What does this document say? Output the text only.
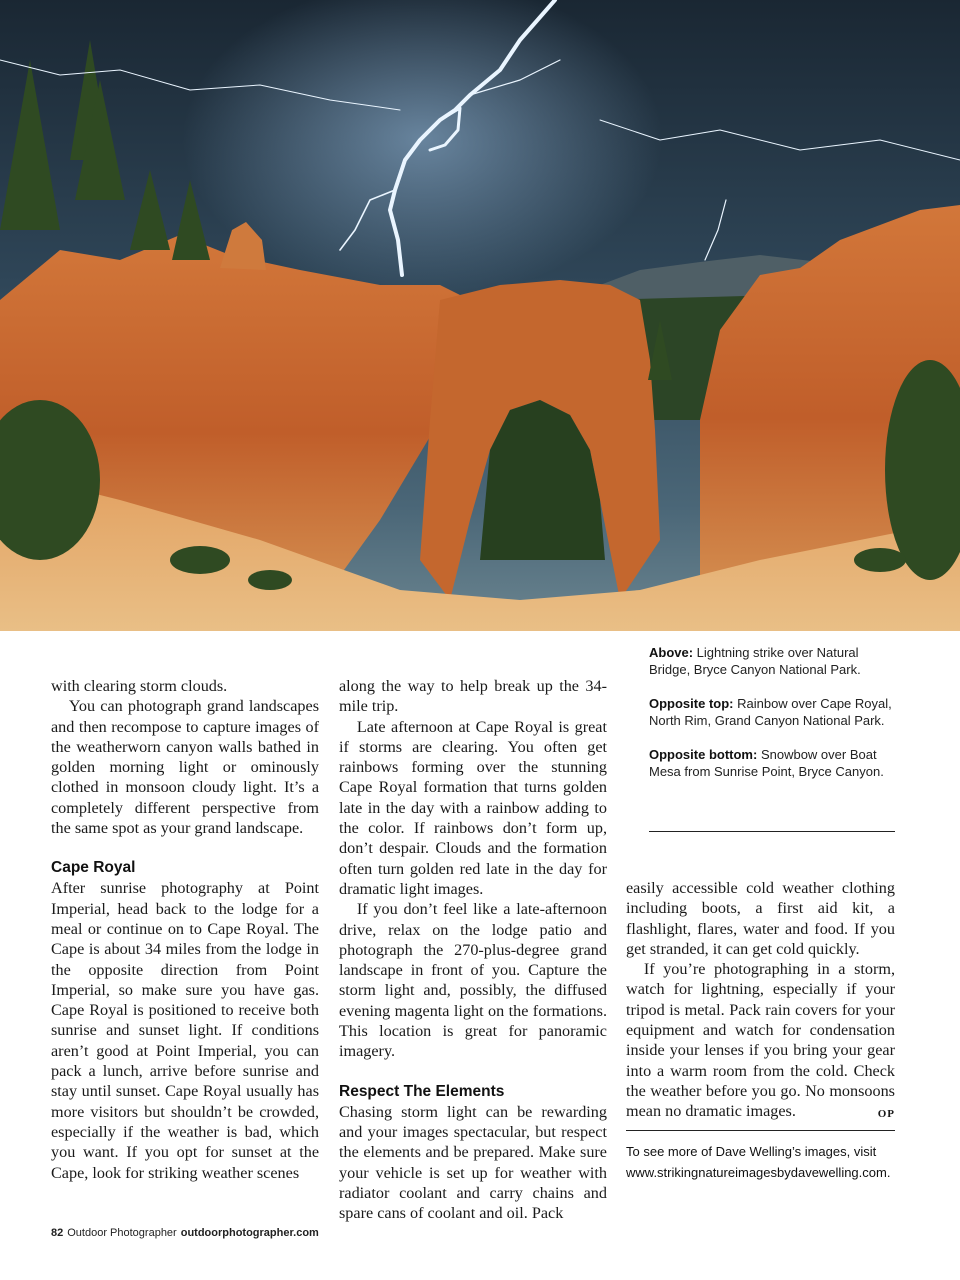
Above: Lightning strike over Natural Bridge, Bryce Canyon National Park.

Opposite top: Rainbow over Cape Royal, North Rim, Grand Canyon National Park.

Opposite bottom: Snowbow over Boat Mesa from Sunrise Point, Bryce Canyon.

with clearing storm clouds.

You can photograph grand landscapes and then recompose to capture images of the weatherworn canyon walls bathed in golden morning light or ominously clothed in monsoon cloudy light. It’s a completely different perspective from the same spot as your grand landscape.

Cape Royal

After sunrise photography at Point Imperial, head back to the lodge for a meal or continue on to Cape Royal. The Cape is about 34 miles from the lodge in the opposite direction from Point Imperial, so make sure you have gas. Cape Royal is positioned to receive both sunrise and sunset light. If conditions aren’t good at Point Imperial, you can pack a lunch, arrive before sunrise and stay until sunset. Cape Royal usually has more visitors but shouldn’t be crowded, especially if the weather is bad, which you want. If you opt for sunset at the Cape, look for striking weather scenes

along the way to help break up the 34-mile trip.

Late afternoon at Cape Royal is great if storms are clearing. You often get rainbows forming over the stunning Cape Royal formation that turns golden late in the day with a rainbow adding to the color. If rainbows don’t form up, don’t despair. Clouds and the formation often turn golden red late in the day for dramatic light images.

If you don’t feel like a late-afternoon drive, relax on the lodge patio and photograph the 270-plus-degree grand landscape in front of you. Capture the storm light and, possibly, the diffused evening magenta light on the formations. This location is great for panoramic imagery.

Respect The Elements

Chasing storm light can be rewarding and your images spectacular, but respect the elements and be prepared. Make sure your vehicle is set up for weather with radiator coolant and carry chains and spare cans of coolant and oil. Pack

easily accessible cold weather clothing including boots, a first aid kit, a flashlight, flares, water and food. If you get stranded, it can get cold quickly.

If you’re photographing in a storm, watch for lightning, especially if your tripod is metal. Pack rain covers for your equipment and watch for condensation inside your lenses if you bring your gear into a warm room from the cold. Check the weather before you go. No monsoons mean no dramatic images.	OP

To see more of Dave Welling’s images, visit www.strikingnatureimagesbydavewelling.com.
82 Outdoor Photographer outdoorphotographer.com
